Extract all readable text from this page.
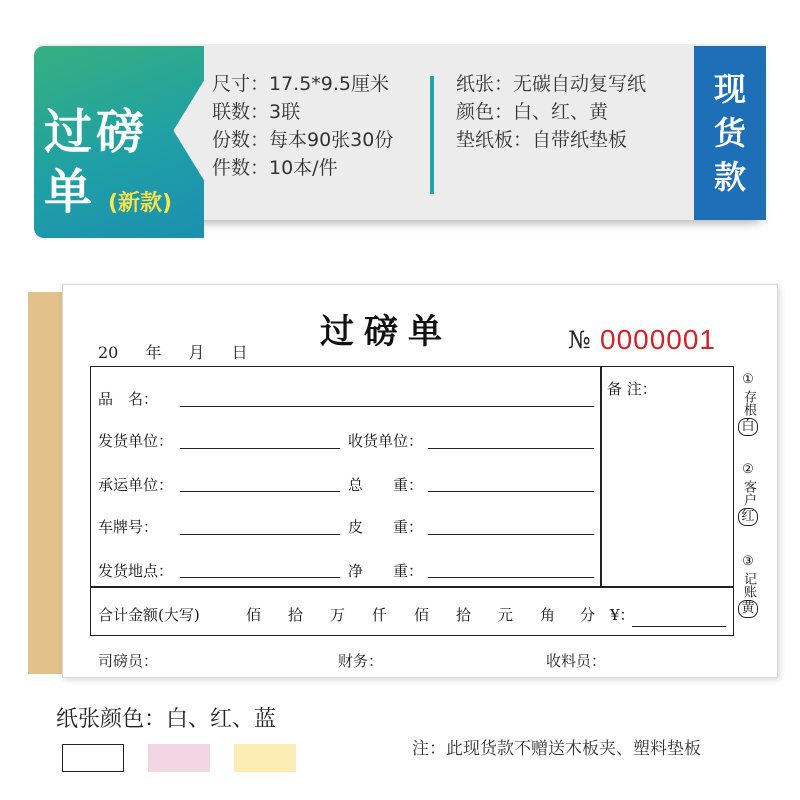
过磅
单 (新款)
尺寸：17.5*9.5厘米
联数：3联
份数：每本90张30份
件数：10本/件
纸张：无碳自动复写纸
颜色：白、红、黄
垫纸板：自带纸垫板
现
货
款
过磅单
20 年 月 日	№ 0000001
品　名：
备 注：
发货单位：	收货单位：
承运单位：	总　　重：
车牌号：	皮　　重：
发货地点：	净　　重：
合计金额(大写)	佰 拾 万 仟 佰 拾 元 角 分 ¥：
①
存根
白
②
客户
红
③
记账
黄
司磅员：	财务：	收料员：
纸张颜色：白、红、蓝
注：此现货款不赠送木板夹、塑料垫板
